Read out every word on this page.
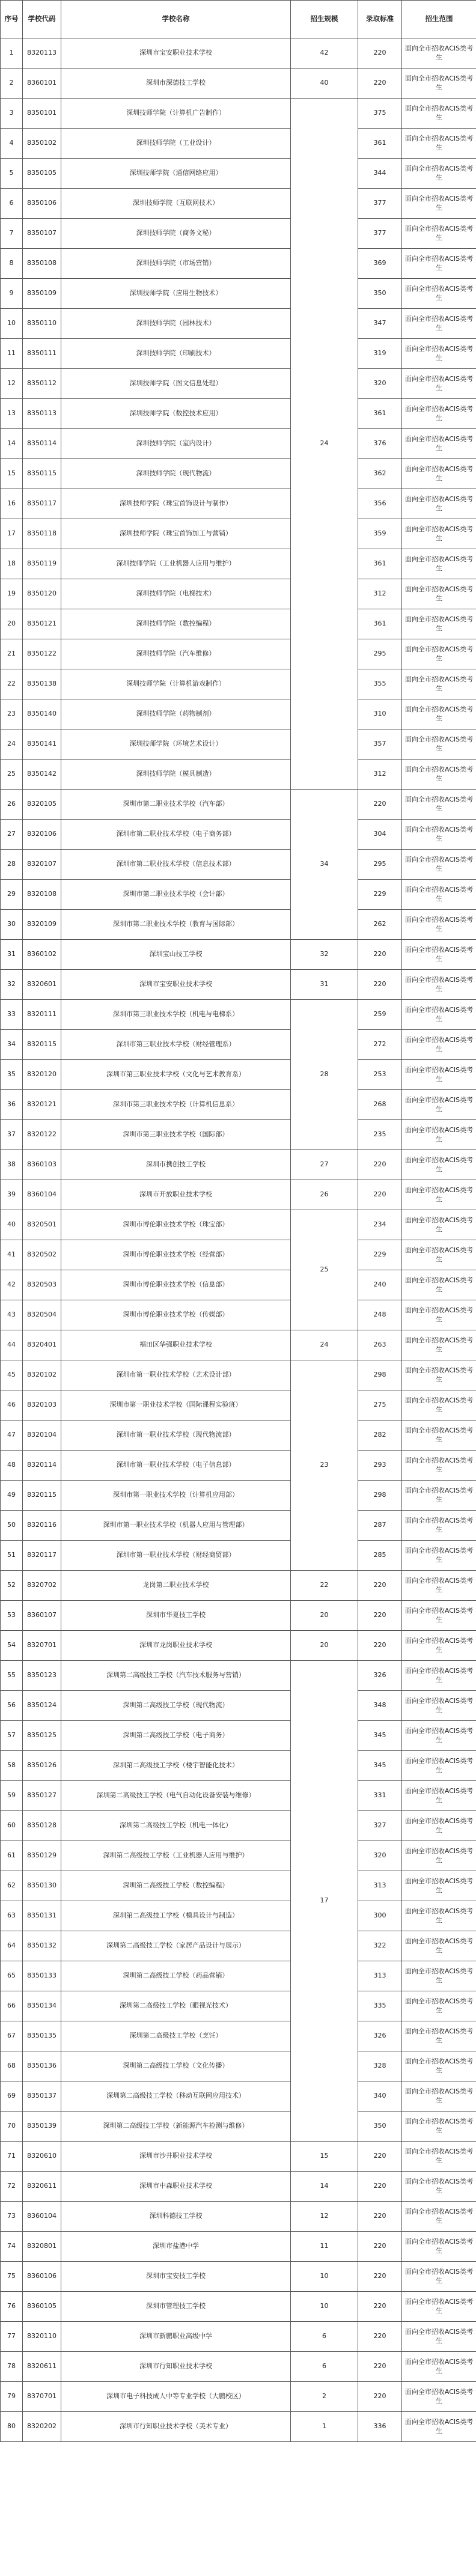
序号	学校代码	学校名称	招生规模	录取标准	招生范围
1	8320113	深圳市宝安职业技术学校	42	220	面向全市招收ACIS类考生
2	8360101	深圳市深德技工学校	40	220	面向全市招收ACIS类考生
3	8350101	深圳技师学院（计算机广告制作）	24	375	面向全市招收ACIS类考生
4	8350102	深圳技师学院（工业设计）		361	面向全市招收ACIS类考生
5	8350105	深圳技师学院（通信网络应用）		344	面向全市招收ACIS类考生
6	8350106	深圳技师学院（互联网技术）		377	面向全市招收ACIS类考生
7	8350107	深圳技师学院（商务文秘）		377	面向全市招收ACIS类考生
8	8350108	深圳技师学院（市场营销）		369	面向全市招收ACIS类考生
9	8350109	深圳技师学院（应用生物技术）		350	面向全市招收ACIS类考生
10	8350110	深圳技师学院（园林技术）		347	面向全市招收ACIS类考生
11	8350111	深圳技师学院（印刷技术）		319	面向全市招收ACIS类考生
12	8350112	深圳技师学院（图文信息处理）		320	面向全市招收ACIS类考生
13	8350113	深圳技师学院（数控技术应用）		361	面向全市招收ACIS类考生
14	8350114	深圳技师学院（室内设计）		376	面向全市招收ACIS类考生
15	8350115	深圳技师学院（现代物流）		362	面向全市招收ACIS类考生
16	8350117	深圳技师学院（珠宝首饰设计与制作）		356	面向全市招收ACIS类考生
17	8350118	深圳技师学院（珠宝首饰加工与营销）		359	面向全市招收ACIS类考生
18	8350119	深圳技师学院（工业机器人应用与维护）		361	面向全市招收ACIS类考生
19	8350120	深圳技师学院（电梯技术）		312	面向全市招收ACIS类考生
20	8350121	深圳技师学院（数控编程）		361	面向全市招收ACIS类考生
21	8350122	深圳技师学院（汽车维修）		295	面向全市招收ACIS类考生
22	8350138	深圳技师学院（计算机游戏制作）		355	面向全市招收ACIS类考生
23	8350140	深圳技师学院（药物制剂）		310	面向全市招收ACIS类考生
24	8350141	深圳技师学院（环境艺术设计）		357	面向全市招收ACIS类考生
25	8350142	深圳技师学院（模具制造）		312	面向全市招收ACIS类考生
26	8320105	深圳市第二职业技术学校（汽车部）	34	220	面向全市招收ACIS类考生
27	8320106	深圳市第二职业技术学校（电子商务部）		304	面向全市招收ACIS类考生
28	8320107	深圳市第二职业技术学校（信息技术部）		295	面向全市招收ACIS类考生
29	8320108	深圳市第二职业技术学校（会计部）		229	面向全市招收ACIS类考生
30	8320109	深圳市第二职业技术学校（教育与国际部）		262	面向全市招收ACIS类考生
31	8360102	深圳宝山技工学校	32	220	面向全市招收ACIS类考生
32	8320601	深圳市宝安职业技术学校	31	220	面向全市招收ACIS类考生
33	8320111	深圳市第三职业技术学校（机电与电梯系）	28	259	面向全市招收ACIS类考生
34	8320115	深圳市第三职业技术学校（财经管理系）		272	面向全市招收ACIS类考生
35	8320120	深圳市第三职业技术学校（文化与艺术教育系）		253	面向全市招收ACIS类考生
36	8320121	深圳市第三职业技术学校（计算机信息系）		268	面向全市招收ACIS类考生
37	8320122	深圳市第三职业技术学校（国际部）		235	面向全市招收ACIS类考生
38	8360103	深圳市携创技工学校	27	220	面向全市招收ACIS类考生
39	8360104	深圳市开放职业技术学校	26	220	面向全市招收ACIS类考生
40	8320501	深圳市博伦职业技术学校（珠宝部）	25	234	面向全市招收ACIS类考生
41	8320502	深圳市博伦职业技术学校（经营部）		229	面向全市招收ACIS类考生
42	8320503	深圳市博伦职业技术学校（信息部）		240	面向全市招收ACIS类考生
43	8320504	深圳市博伦职业技术学校（传媒部）		248	面向全市招收ACIS类考生
44	8320401	福田区华强职业技术学校	24	263	面向全市招收ACIS类考生
45	8320102	深圳市第一职业技术学校（艺术设计部）	23	298	面向全市招收ACIS类考生
46	8320103	深圳市第一职业技术学校（国际课程实验班）		275	面向全市招收ACIS类考生
47	8320104	深圳市第一职业技术学校（现代物流部）		282	面向全市招收ACIS类考生
48	8320114	深圳市第一职业技术学校（电子信息部）		293	面向全市招收ACIS类考生
49	8320115	深圳市第一职业技术学校（计算机应用部）		298	面向全市招收ACIS类考生
50	8320116	深圳市第一职业技术学校（机器人应用与管理部）		287	面向全市招收ACIS类考生
51	8320117	深圳市第一职业技术学校（财经商贸部）		285	面向全市招收ACIS类考生
52	8320702	龙岗第二职业技术学校	22	220	面向全市招收ACIS类考生
53	8360107	深圳市华夏技工学校	20	220	面向全市招收ACIS类考生
54	8320701	深圳市龙岗职业技术学校	20	220	面向全市招收ACIS类考生
55	8350123	深圳第二高级技工学校（汽车技术服务与营销）	17	326	面向全市招收ACIS类考生
56	8350124	深圳第二高级技工学校（现代物流）		348	面向全市招收ACIS类考生
57	8350125	深圳第二高级技工学校（电子商务）		345	面向全市招收ACIS类考生
58	8350126	深圳第二高级技工学校（楼宇智能化技术）		345	面向全市招收ACIS类考生
59	8350127	深圳第二高级技工学校（电气自动化设备安装与维修）		331	面向全市招收ACIS类考生
60	8350128	深圳第二高级技工学校（机电一体化）		327	面向全市招收ACIS类考生
61	8350129	深圳第二高级技工学校（工业机器人应用与维护）		320	面向全市招收ACIS类考生
62	8350130	深圳第二高级技工学校（数控编程）		313	面向全市招收ACIS类考生
63	8350131	深圳第二高级技工学校（模具设计与制造）		300	面向全市招收ACIS类考生
64	8350132	深圳第二高级技工学校（家居产品设计与展示）		322	面向全市招收ACIS类考生
65	8350133	深圳第二高级技工学校（药品营销）		313	面向全市招收ACIS类考生
66	8350134	深圳第二高级技工学校（眼视光技术）		335	面向全市招收ACIS类考生
67	8350135	深圳第二高级技工学校（烹饪）		326	面向全市招收ACIS类考生
68	8350136	深圳第二高级技工学校（文化传播）		328	面向全市招收ACIS类考生
69	8350137	深圳第二高级技工学校（移动互联网应用技术）		340	面向全市招收ACIS类考生
70	8350139	深圳第二高级技工学校（新能源汽车检测与维修）		350	面向全市招收ACIS类考生
71	8320610	深圳市沙井职业技术学校	15	220	面向全市招收ACIS类考生
72	8320611	深圳市中森职业技术学校	14	220	面向全市招收ACIS类考生
73	8360104	深圳科德技工学校	12	220	面向全市招收ACIS类考生
74	8320801	深圳市盐港中学	11	220	面向全市招收ACIS类考生
75	8360106	深圳市宝安技工学校	10	220	面向全市招收ACIS类考生
76	8360105	深圳市管理技工学校	10	220	面向全市招收ACIS类考生
77	8320110	深圳市新鹏职业高级中学	6	220	面向全市招收ACIS类考生
78	8320611	深圳市行知职业技术学校	6	220	面向全市招收ACIS类考生
79	8370701	深圳市电子科技成人中等专业学校（大鹏校区）	2	220	面向全市招收ACIS类考生
80	8320202	深圳市行知职业技术学校（美术专业）	1	336	面向全市招收ACIS类考生
